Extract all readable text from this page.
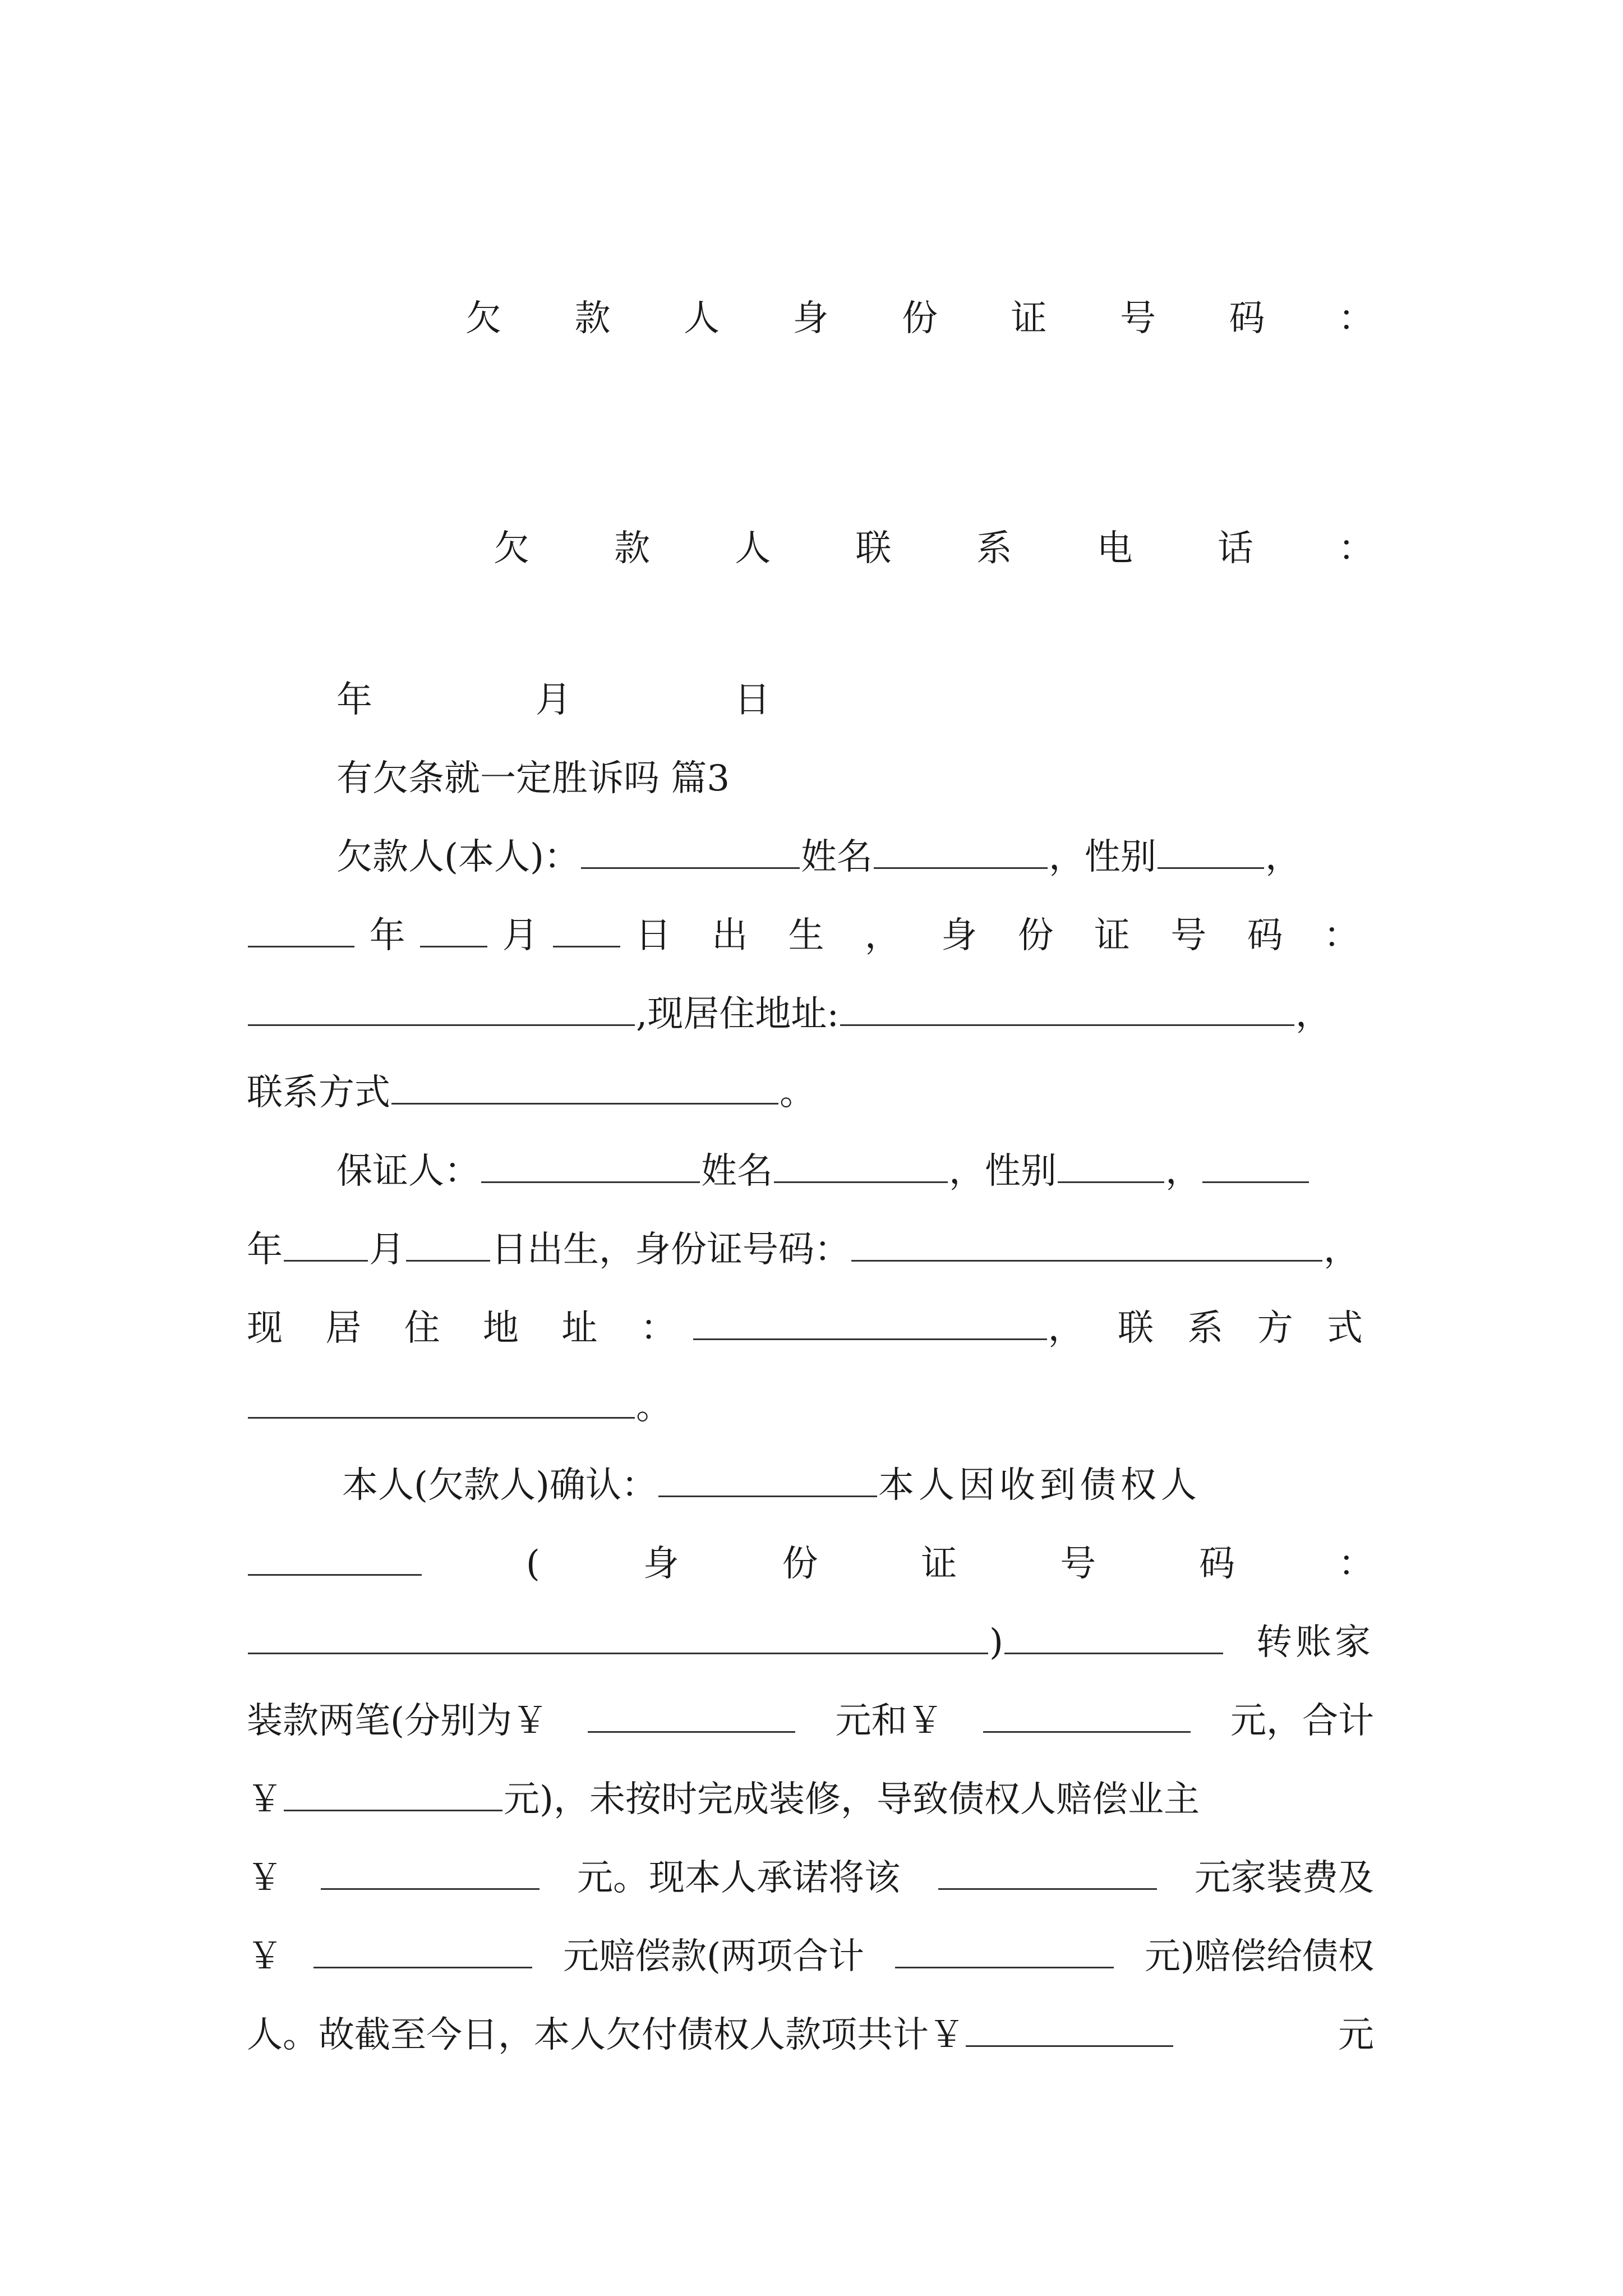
欠 款 人 身 份 证 号 码 ：
欠 款 人 联 系 电 话 ：
年	月	日
有欠条就一定胜诉吗 篇3
欠款人(本人)：	姓名	，性别	，
年	月	日 出 生 ， 身 份 证 号 码 ：
,现居住地址:	，
联系方式	。
保证人：	姓名	，性别	，
年 月 日出生，身份证号码：	，
现 居 住 地 址 ：	， 联 系 方 式
。
本人(欠款人)确认：	本人因收到债权人
(	身	份	证	号	码	：
)	转账家
装款两笔(分别为￥	元和￥	元，合计
￥	元)，未按时完成装修，导致债权人赔偿业主
￥	元。现本人承诺将该	元家装费及
￥	元赔偿款(两项合计	元)赔偿给债权
人。故截至今日，本人欠付债权人款项共计￥	元
